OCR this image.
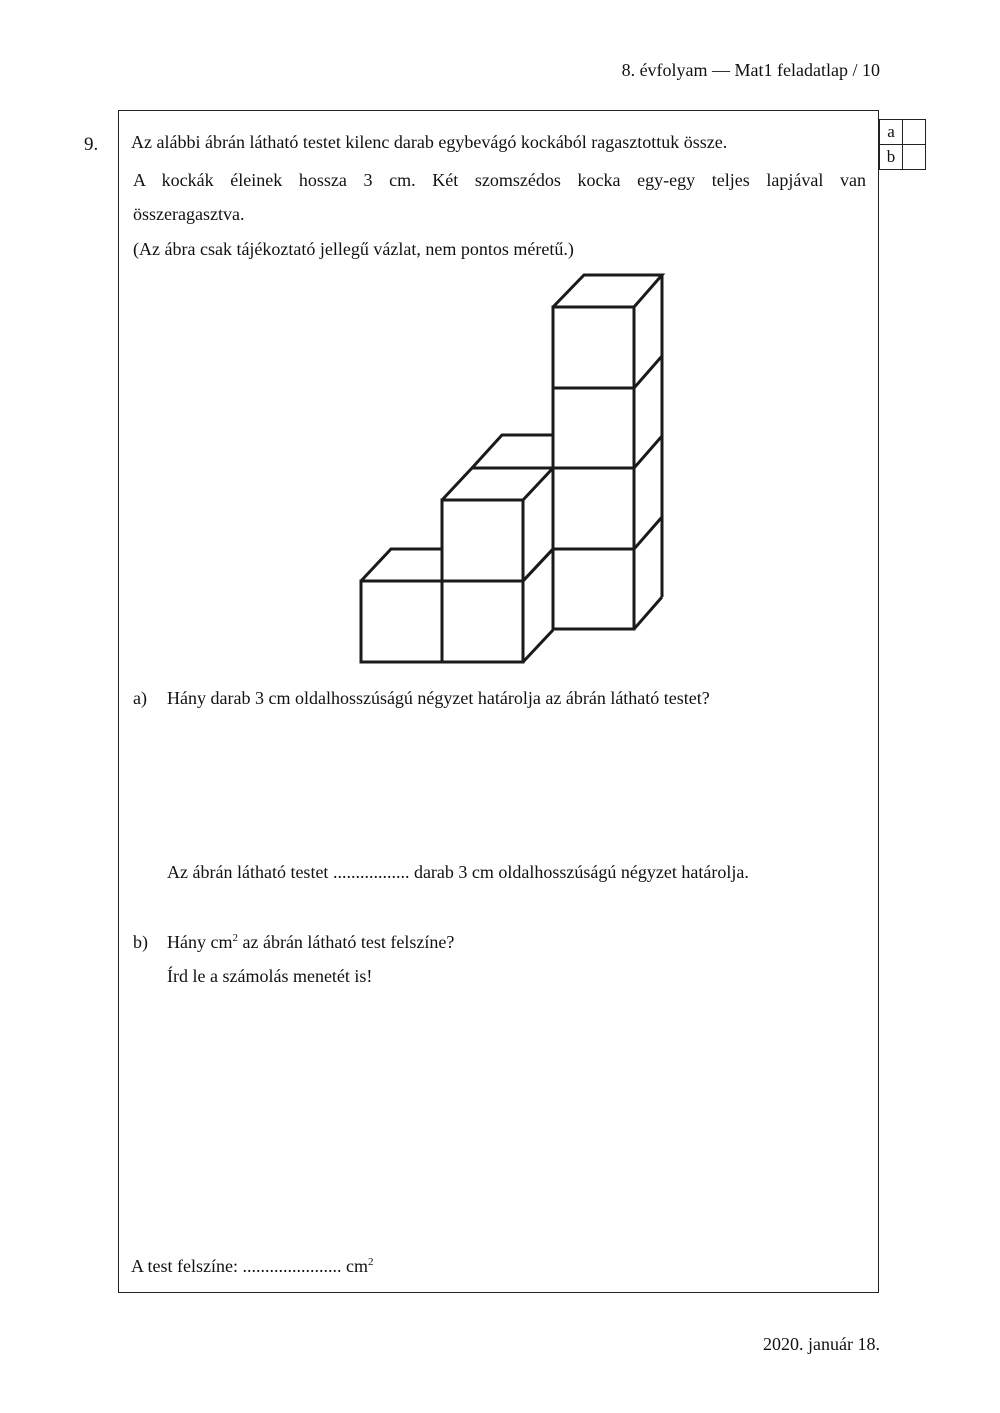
8. évfolyam — Mat1 feladatlap / 10
9.
a	
b	
Az alábbi ábrán látható testet kilenc darab egybevágó kockából ragasztottuk össze.
A kockák éleinek hossza 3 cm. Két szomszédos kocka egy-egy teljes lapjával van
összeragasztva.
(Az ábra csak tájékoztató jellegű vázlat, nem pontos méretű.)
a) Hány darab 3 cm oldalhosszúságú négyzet határolja az ábrán látható testet?
Az ábrán látható testet ................. darab 3 cm oldalhosszúságú négyzet határolja.
b) Hány $cm^2$ az ábrán látható test felszíne?
Írd le a számolás menetét is!
A test felszíne: ...................... $cm^2$
2020. január 18.
